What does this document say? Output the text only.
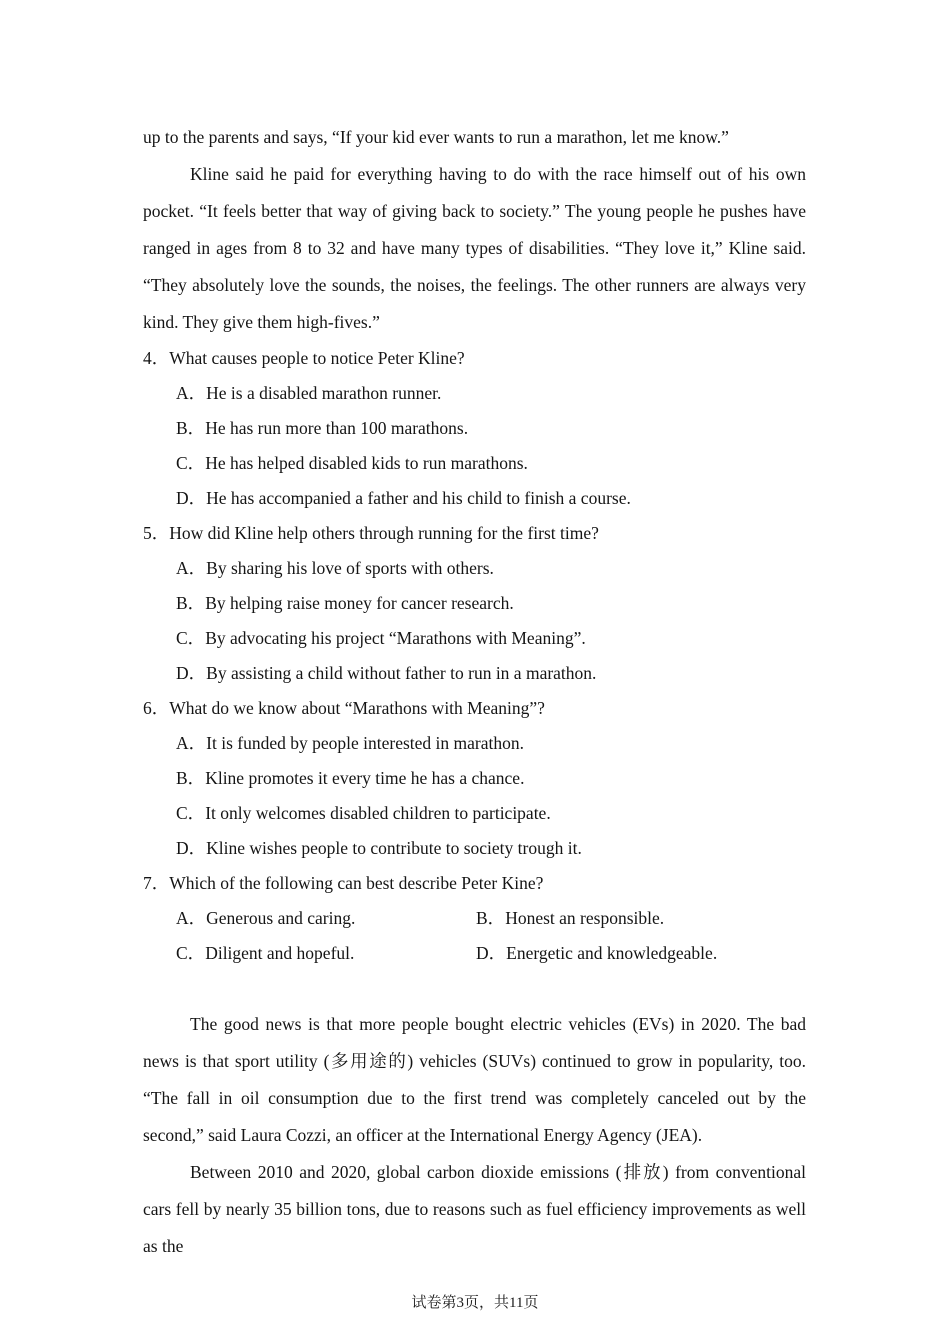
up to the parents and says, “If your kid ever wants to run a marathon, let me know.”

Kline said he paid for everything having to do with the race himself out of his own pocket. “It feels better that way of giving back to society.” The young people he pushes have ranged in ages from 8 to 32 and have many types of disabilities. “They love it,” Kline said. “They absolutely love the sounds, the noises, the feelings. The other runners are always very kind. They give them high-fives.”

4．What causes people to notice Peter Kline?
A．He is a disabled marathon runner.
B．He has run more than 100 marathons.
C．He has helped disabled kids to run marathons.
D．He has accompanied a father and his child to finish a course.
5．How did Kline help others through running for the first time?
A．By sharing his love of sports with others.
B．By helping raise money for cancer research.
C．By advocating his project “Marathons with Meaning”.
D．By assisting a child without father to run in a marathon.
6．What do we know about “Marathons with Meaning”?
A．It is funded by people interested in marathon.
B．Kline promotes it every time he has a chance.
C．It only welcomes disabled children to participate.
D．Kline wishes people to contribute to society trough it.
7．Which of the following can best describe Peter Kine?
A．Generous and caring.	B．Honest an responsible.
C．Diligent and hopeful.	D．Energetic and knowledgeable.

The good news is that more people bought electric vehicles (EVs) in 2020. The bad news is that sport utility (多用途的) vehicles (SUVs) continued to grow in popularity, too. “The fall in oil consumption due to the first trend was completely canceled out by the second,” said Laura Cozzi, an officer at the International Energy Agency (JEA).

Between 2010 and 2020, global carbon dioxide emissions (排放) from conventional cars fell by nearly 35 billion tons, due to reasons such as fuel efficiency improvements as well as the

试卷第3页，共11页
